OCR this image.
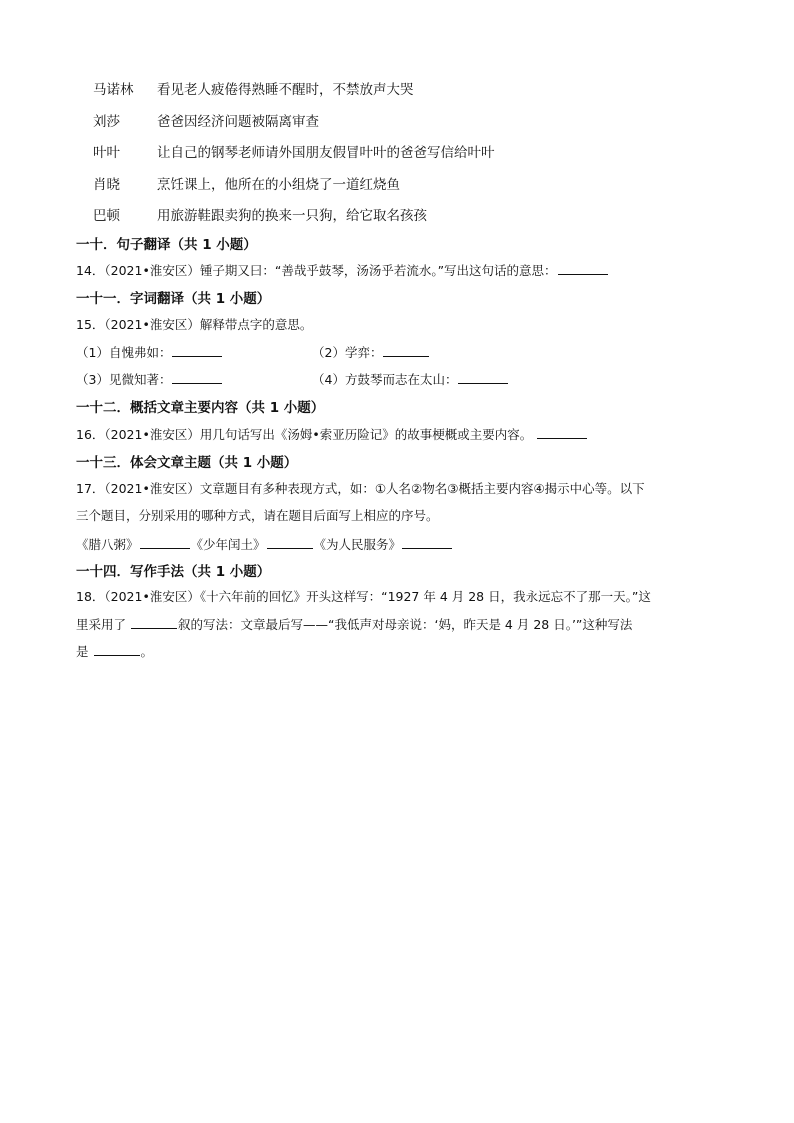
马诺林 看见老人疲倦得熟睡不醒时，不禁放声大哭
刘莎	爸爸因经济问题被隔离审查
叶叶	让自己的钢琴老师请外国朋友假冒叶叶的爸爸写信给叶叶
肖晓	烹饪课上，他所在的小组烧了一道红烧鱼
巴顿	用旅游鞋跟卖狗的换来一只狗，给它取名孩孩
一十．句子翻译（共 1 小题）
14．（2021•淮安区）锺子期又曰：“善哉乎鼓琴，汤汤乎若流水。”写出这句话的意思：
一十一．字词翻译（共 1 小题）
15．（2021•淮安区）解释带点字的意思。
（1）自愧弗如：	（2）学弈：
（3）见微知著：	（4）方鼓琴而志在太山：
一十二．概括文章主要内容（共 1 小题）
16．（2021•淮安区）用几句话写出《汤姆•索亚历险记》的故事梗概或主要内容。
一十三．体会文章主题（共 1 小题）
17．（2021•淮安区）文章题目有多种表现方式，如：①人名②物名③概括主要内容④揭示中心等。以下
三个题目，分别采用的哪种方式，请在题目后面写上相应的序号。
《腊八粥》	《少年闰土》	《为人民服务》
一十四．写作手法（共 1 小题）
18．（2021•淮安区）《十六年前的回忆》开头这样写：“1927 年 4 月 28 日，我永远忘不了那一天。”这
里采用了	叙的写法：文章最后写——“我低声对母亲说：‘妈，昨天是 4 月 28 日。’”这种写法
是	。
